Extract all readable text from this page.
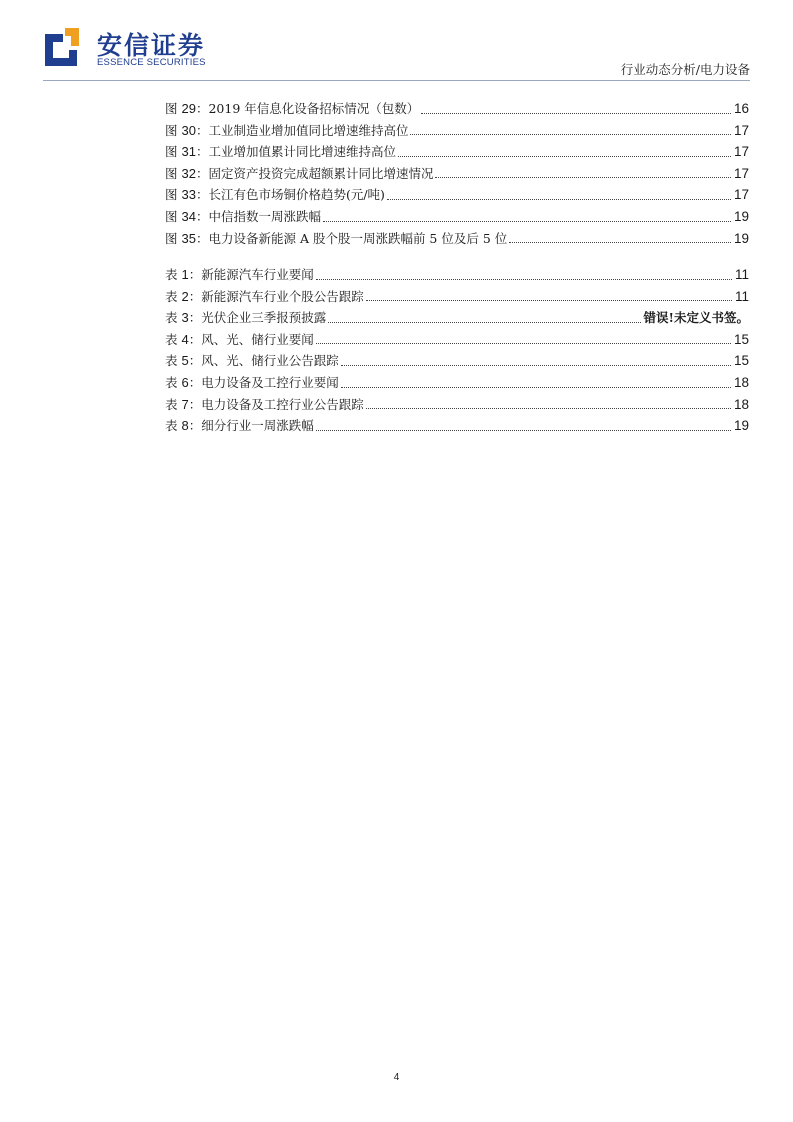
安信证券
ESSENCE SECURITIES	行业动态分析/电力设备
图 29： 2019 年信息化设备招标情况（包数）	16
图 30： 工业制造业增加值同比增速维持高位	17
图 31： 工业增加值累计同比增速维持高位	17
图 32： 固定资产投资完成超额累计同比增速情况	17
图 33： 长江有色市场铜价格趋势(元/吨)	17
图 34： 中信指数一周涨跌幅	19
图 35： 电力设备新能源 A 股个股一周涨跌幅前 5 位及后 5 位	19
表 1： 新能源汽车行业要闻	11
表 2： 新能源汽车行业个股公告跟踪	11
表 3： 光伏企业三季报预披露	错误!未定义书签。
表 4： 风、光、储行业要闻	15
表 5： 风、光、储行业公告跟踪	15
表 6： 电力设备及工控行业要闻	18
表 7： 电力设备及工控行业公告跟踪	18
表 8： 细分行业一周涨跌幅	19
4
